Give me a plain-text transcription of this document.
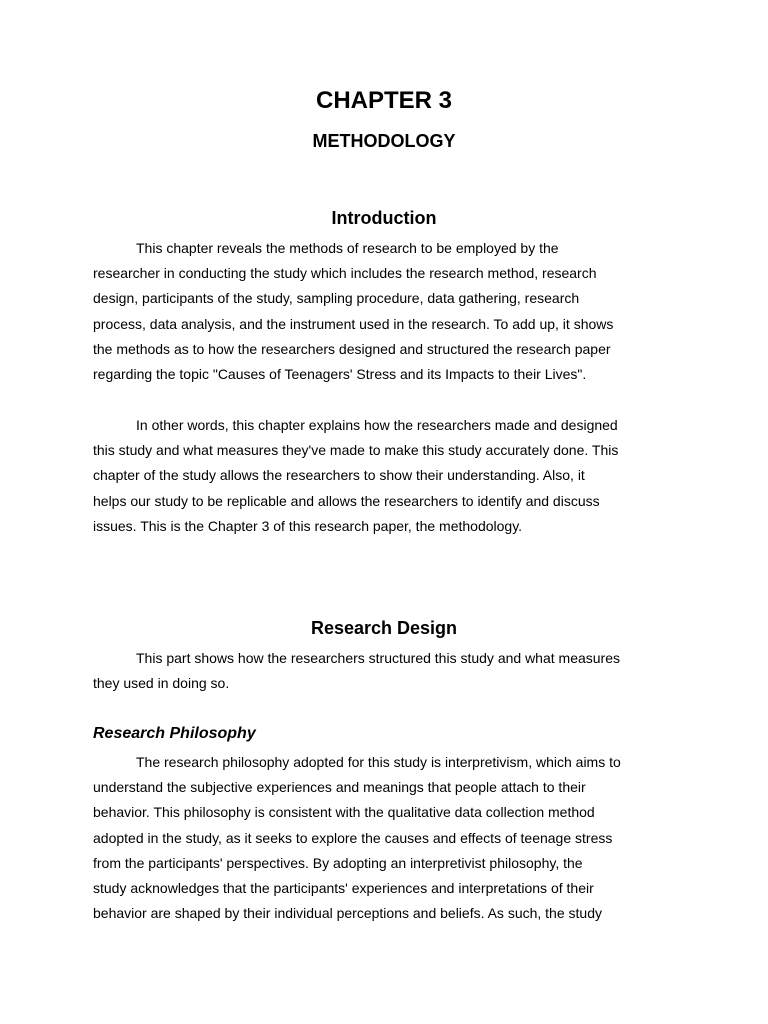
CHAPTER 3
METHODOLOGY
Introduction

This chapter reveals the methods of research to be employed by the
researcher in conducting the study which includes the research method, research
design, participants of the study, sampling procedure, data gathering, research
process, data analysis, and the instrument used in the research. To add up, it shows
the methods as to how the researchers designed and structured the research paper
regarding the topic "Causes of Teenagers' Stress and its Impacts to their Lives".

In other words, this chapter explains how the researchers made and designed
this study and what measures they've made to make this study accurately done. This
chapter of the study allows the researchers to show their understanding. Also, it
helps our study to be replicable and allows the researchers to identify and discuss
issues. This is the Chapter 3 of this research paper, the methodology.

Research Design

This part shows how the researchers structured this study and what measures
they used in doing so.

Research Philosophy

The research philosophy adopted for this study is interpretivism, which aims to
understand the subjective experiences and meanings that people attach to their
behavior. This philosophy is consistent with the qualitative data collection method
adopted in the study, as it seeks to explore the causes and effects of teenage stress
from the participants' perspectives. By adopting an interpretivist philosophy, the
study acknowledges that the participants' experiences and interpretations of their
behavior are shaped by their individual perceptions and beliefs. As such, the study
